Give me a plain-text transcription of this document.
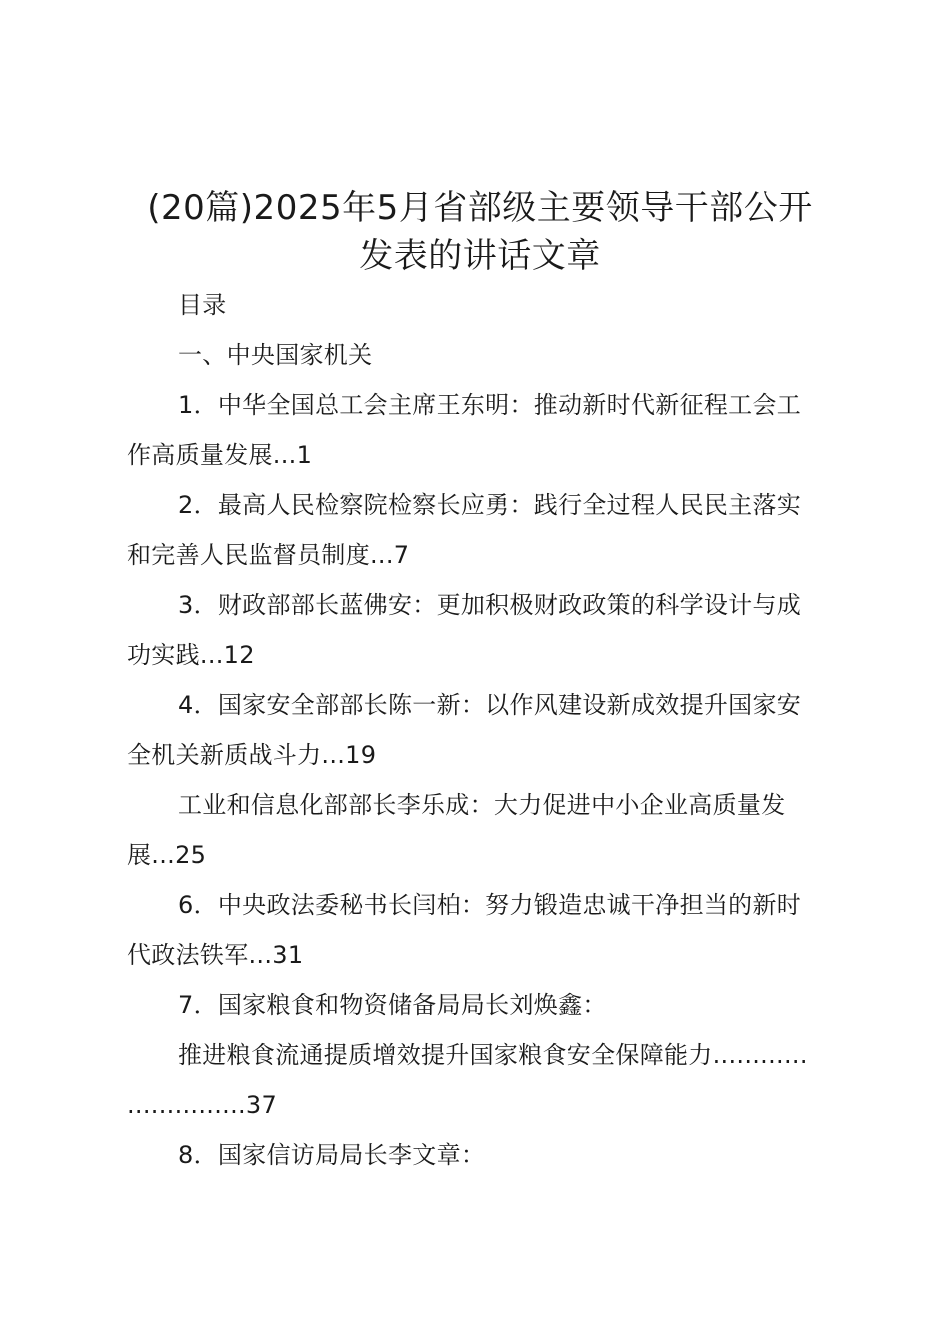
(20篇)2025年5月省部级主要领导干部公开
发表的讲话文章
目录
一、中央国家机关
1．中华全国总工会主席王东明：推动新时代新征程工会工
作高质量发展...1
2．最高人民检察院检察长应勇：践行全过程人民民主落实
和完善人民监督员制度...7
3．财政部部长蓝佛安：更加积极财政政策的科学设计与成
功实践...12
4．国家安全部部长陈一新：以作风建设新成效提升国家安
全机关新质战斗力...19
工业和信息化部部长李乐成：大力促进中小企业高质量发
展...25
6．中央政法委秘书长闫柏：努力锻造忠诚干净担当的新时
代政法铁军...31
7．国家粮食和物资储备局局长刘焕鑫：
推进粮食流通提质增效提升国家粮食安全保障能力............
...............37
8．国家信访局局长李文章：
